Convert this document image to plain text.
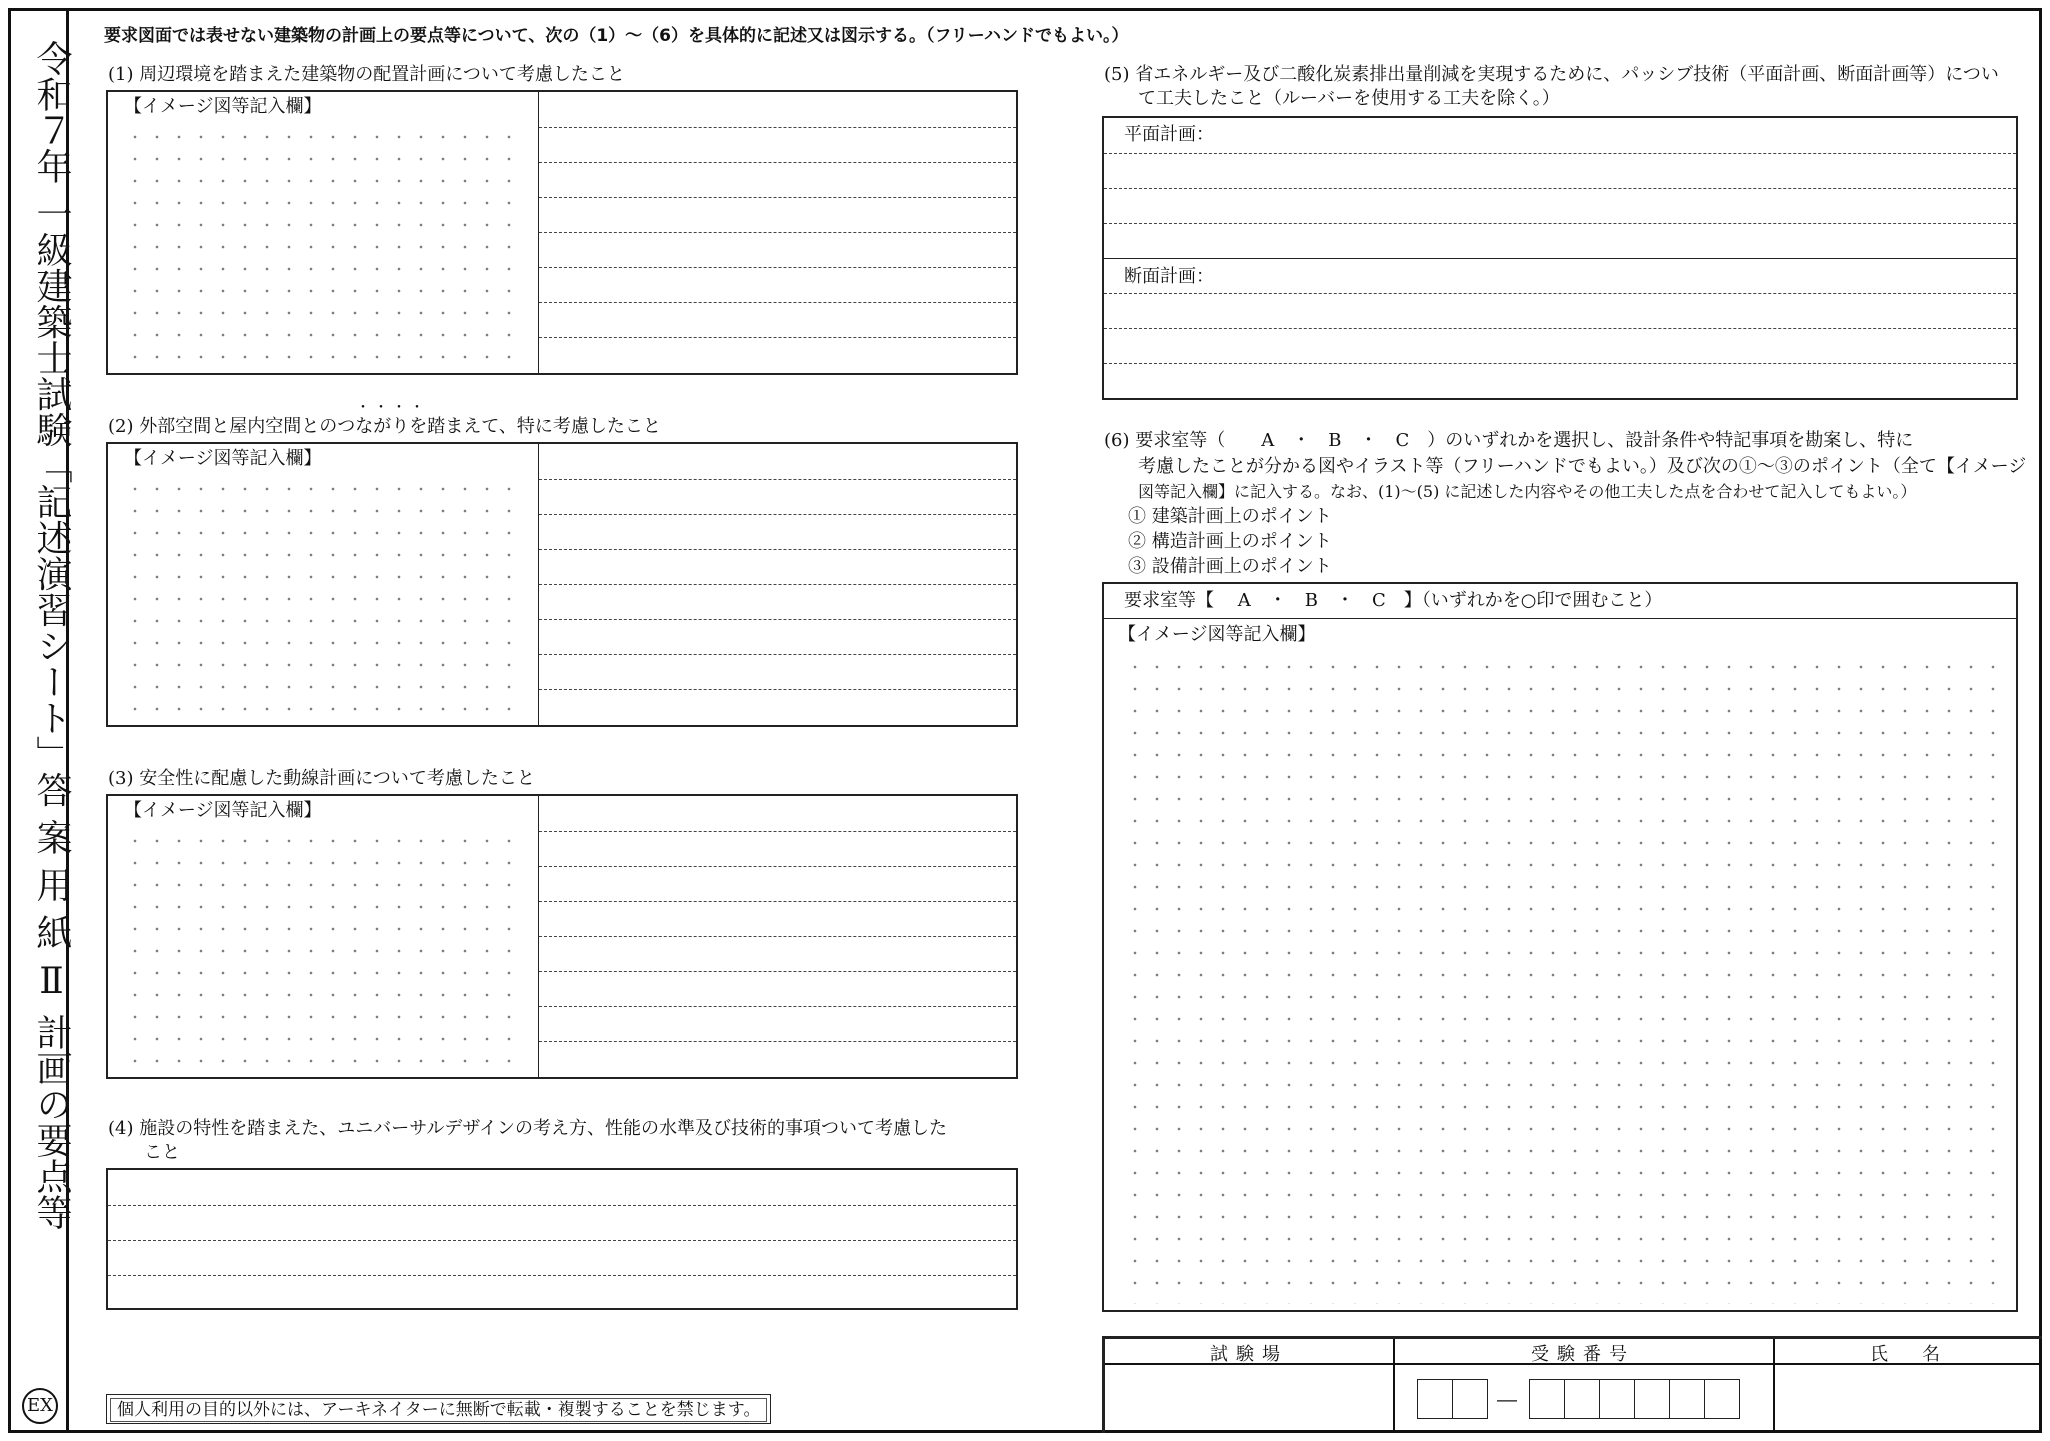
令和７年 一級建築士試験「記述演習シート」答 案 用 紙 Ⅱ 計画の要点等
EX
要求図面では表せない建築物の計画上の要点等について、次の（1）～（6）を具体的に記述又は図示する。（フリーハンドでもよい。）
(1) 周辺環境を踏まえた建築物の配置計画について考慮したこと
【イメージ図等記入欄】
・・・・
(2) 外部空間と屋内空間とのつながりを踏まえて、特に考慮したこと
【イメージ図等記入欄】
(3) 安全性に配慮した動線計画について考慮したこと
【イメージ図等記入欄】
(4) 施設の特性を踏まえた、ユニバーサルデザインの考え方、性能の水準及び技術的事項ついて考慮した
こと
個人利用の目的以外には、アーキネイターに無断で転載・複製することを禁じます。
(5) 省エネルギー及び二酸化炭素排出量削減を実現するために、パッシブ技術（平面計画、断面計画等）につい
て工夫したこと（ルーバーを使用する工夫を除く。）
平面計画：
断面計画：
(6) 要求室等（　　A　・　B　・　C　）のいずれかを選択し、設計条件や特記事項を勘案し、特に
考慮したことが分かる図やイラスト等（フリーハンドでもよい。）及び次の①～③のポイント（全て【イメージ
図等記入欄】に記入する。なお、(1)～(5) に記述した内容やその他工夫した点を合わせて記入してもよい。）
① 建築計画上のポイント
② 構造計画上のポイント
③ 設備計画上のポイント
要求室等【　 A　・　B　・　C　】（いずれかを○印で囲むこと）
【イメージ図等記入欄】
試験場	受験番号	氏　名
―
